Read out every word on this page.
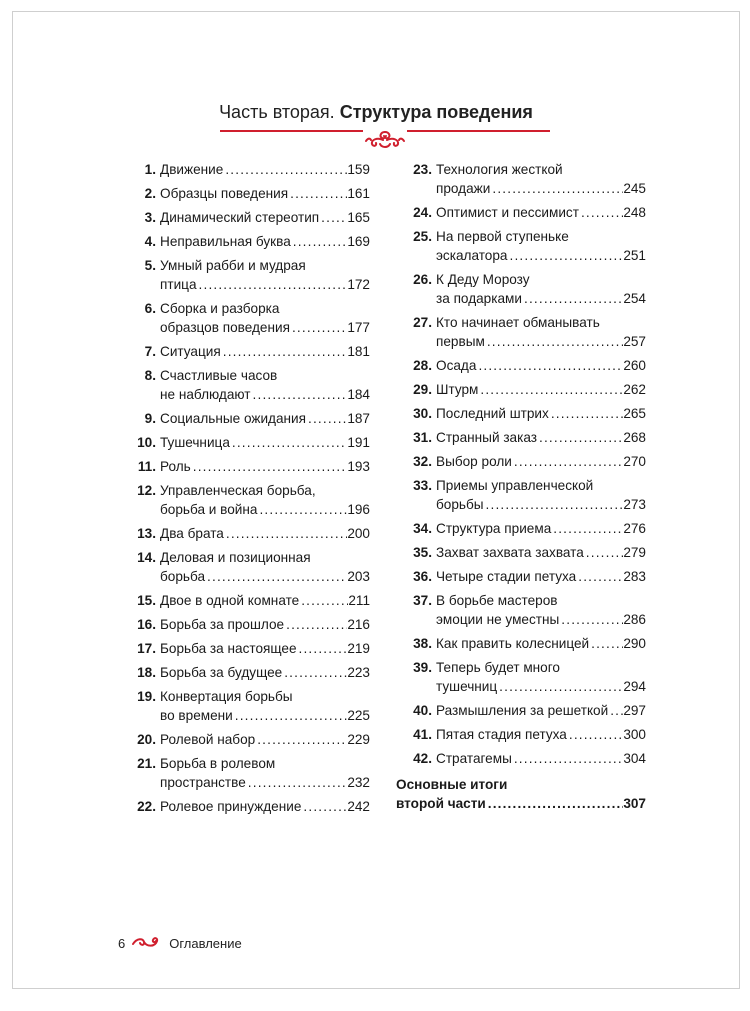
Часть вторая. Структура поведения
1. Движение . . .	159
2. Образцы поведения . . .	161
3. Динамический стереотип . . . 165
4. Неправильная буква . . .	169
5. Умный рабби и мудрая
птица . . .	172
6. Сборка и разборка
образцов поведения . . .	177
7. Ситуация . . .	181
8. Счастливые часов
не наблюдают . . .	184
9. Социальные ожидания . . .	187
10. Тушечница . . .	191
11. Роль . . .	193
12. Управленческая борьба,
борьба и война . . .	196
13. Два брата . . .	200
14. Деловая и позиционная
борьба . . .	203
15. Двое в одной комнате . . .	211
16. Борьба за прошлое . . .	216
17. Борьба за настоящее . . .	219
18. Борьба за будущее . . .	223
19. Конвертация борьбы
во времени . . .	225
20. Ролевой набор . . .	229
21. Борьба в ролевом
пространстве . . .	232
22. Ролевое принуждение . . .	242
23. Технология жесткой
продажи . . .	245
24. Оптимист и пессимист . . .	248
25. На первой ступеньке
эскалатора . . .	251
26. К Деду Морозу
за подарками . . .	254
27. Кто начинает обманывать
первым . . .	257
28. Осада . . .	260
29. Штурм . . .	262
30. Последний штрих . . .	265
31. Странный заказ . . .	268
32. Выбор роли . . .	270
33. Приемы управленческой
борьбы . . .	273
34. Структура приема . . .	276
35. Захват захвата захвата . . .	279
36. Четыре стадии петуха . . .	283
37. В борьбе мастеров
эмоции не уместны . . .	286
38. Как править колесницей . . .	290
39. Теперь будет много
тушечниц . . .	294
40. Размышления за решеткой . . . 297
41. Пятая стадия петуха . . .	300
42. Стратагемы . . .	304
Основные итоги
второй части . . .	307
6	Оглавление
